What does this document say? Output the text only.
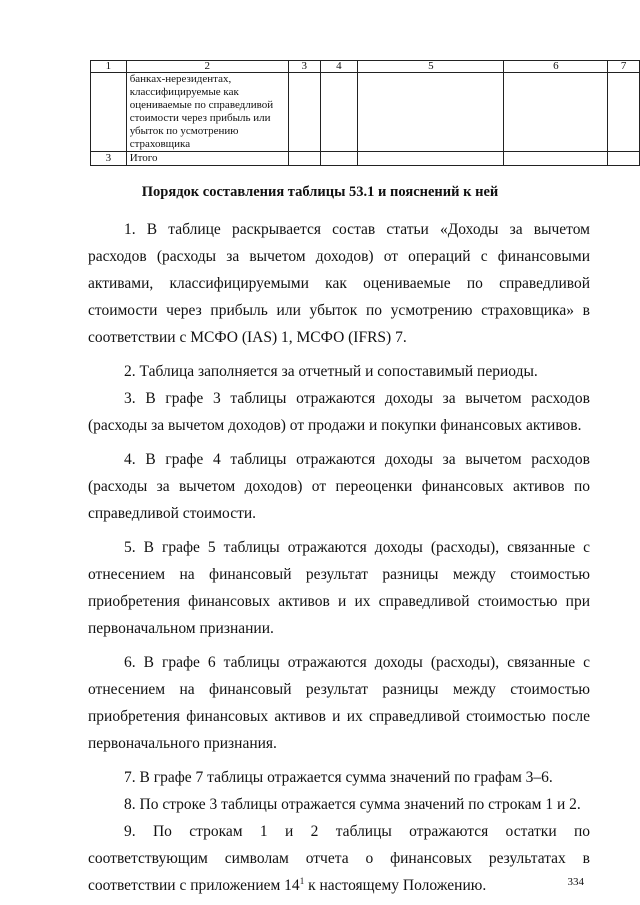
1	2	3	4	5	6	7
	банках-нерезидентах, классифицируемые как оцениваемые по справедливой стоимости через прибыль или убыток по усмотрению страховщика					
3	Итого					
Порядок составления таблицы 53.1 и пояснений к ней

1. В таблице раскрывается состав статьи «Доходы за вычетом расходов (расходы за вычетом доходов) от операций с финансовыми активами, классифицируемыми как оцениваемые по справедливой стоимости через прибыль или убыток по усмотрению страховщика» в соответствии с МСФО (IAS) 1, МСФО (IFRS) 7.

2. Таблица заполняется за отчетный и сопоставимый периоды.

3. В графе 3 таблицы отражаются доходы за вычетом расходов (расходы за вычетом доходов) от продажи и покупки финансовых активов.

4. В графе 4 таблицы отражаются доходы за вычетом расходов (расходы за вычетом доходов) от переоценки финансовых активов по справедливой стоимости.

5. В графе 5 таблицы отражаются доходы (расходы), связанные с отнесением на финансовый результат разницы между стоимостью приобретения финансовых активов и их справедливой стоимостью при первоначальном признании.

6. В графе 6 таблицы отражаются доходы (расходы), связанные с отнесением на финансовый результат разницы между стоимостью приобретения финансовых активов и их справедливой стоимостью после первоначального признания.

7. В графе 7 таблицы отражается сумма значений по графам 3–6.

8. По строке 3 таблицы отражается сумма значений по строкам 1 и 2.

9. По строкам 1 и 2 таблицы отражаются остатки по соответствующим символам отчета о финансовых результатах в соответствии с приложением $14^1$ к настоящему Положению.	334
